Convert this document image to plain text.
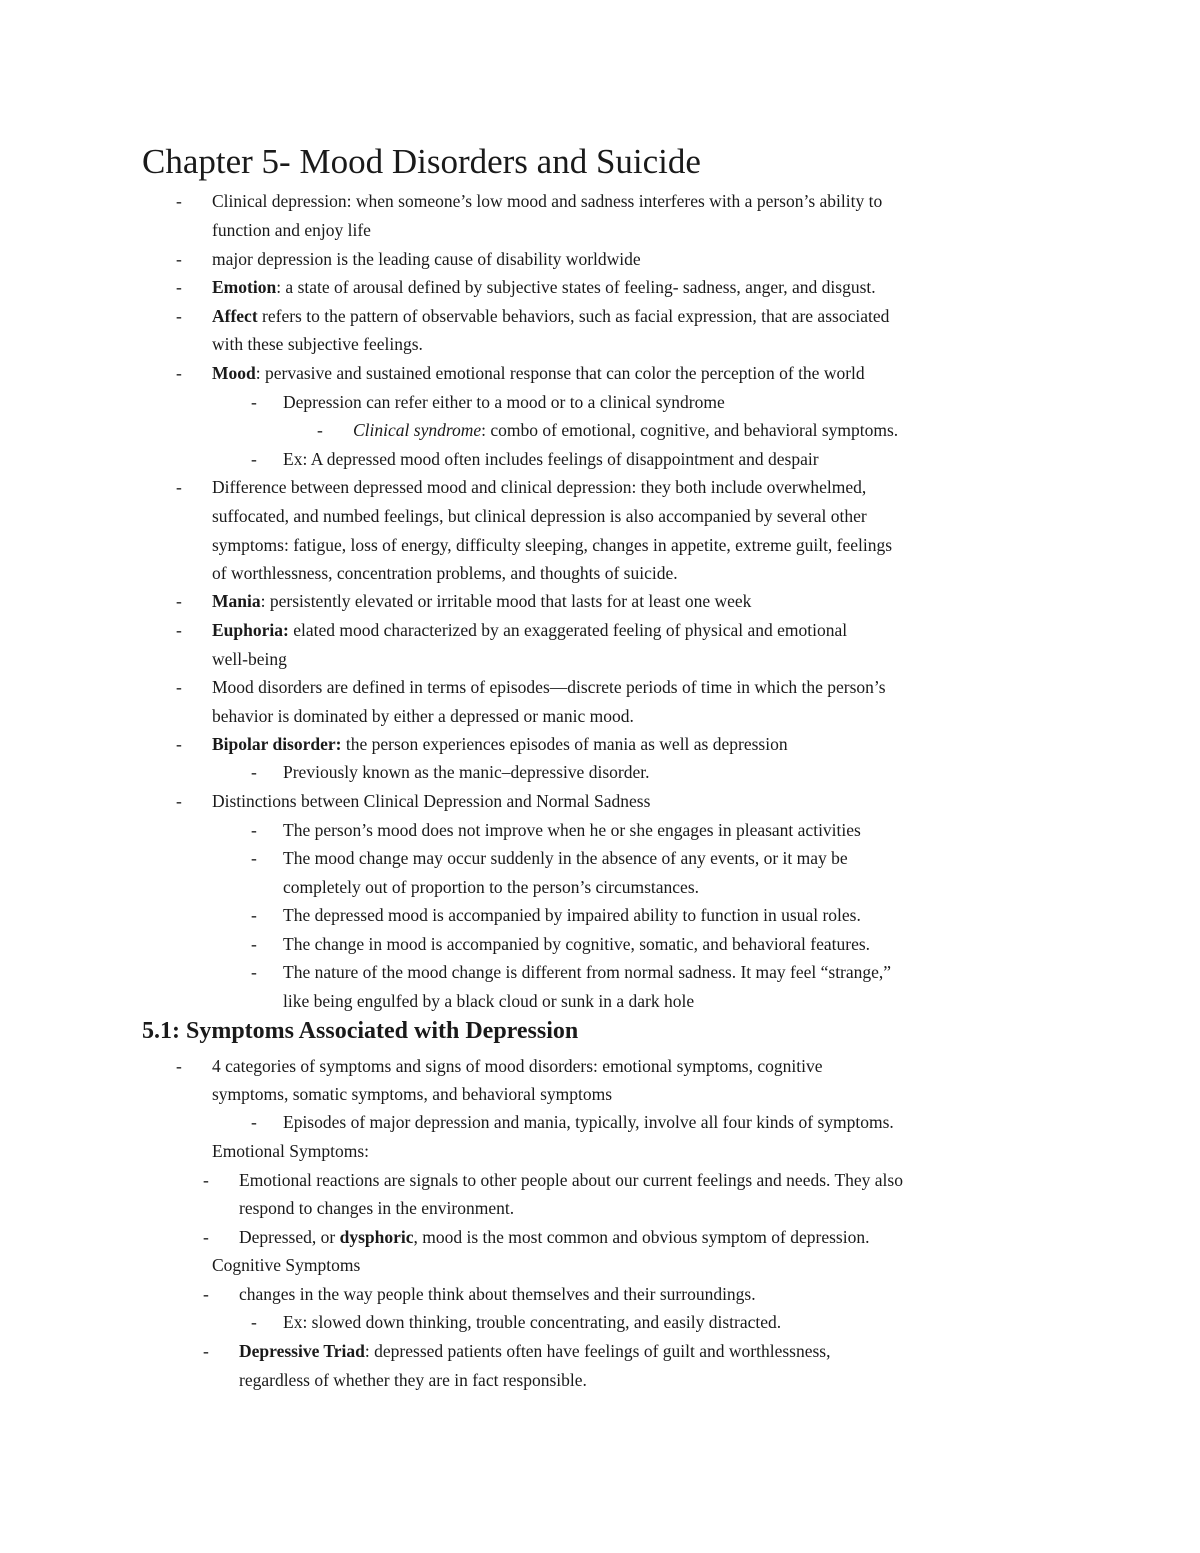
Chapter 5- Mood Disorders and Suicide
-	Clinical depression: when someone’s low mood and sadness interferes with a person’s ability to
function and enjoy life
-	major depression is the leading cause of disability worldwide
-	Emotion: a state of arousal defined by subjective states of feeling- sadness, anger, and disgust.
-	Affect refers to the pattern of observable behaviors, such as facial expression, that are associated
with these subjective feelings.
-	Mood: pervasive and sustained emotional response that can color the perception of the world
-	Depression can refer either to a mood or to a clinical syndrome
-	Clinical syndrome: combo of emotional, cognitive, and behavioral symptoms.
-	Ex: A depressed mood often includes feelings of disappointment and despair
-	Difference between depressed mood and clinical depression: they both include overwhelmed,
suffocated, and numbed feelings, but clinical depression is also accompanied by several other
symptoms: fatigue, loss of energy, difficulty sleeping, changes in appetite, extreme guilt, feelings
of worthlessness, concentration problems, and thoughts of suicide.
-	Mania: persistently elevated or irritable mood that lasts for at least one week
-	Euphoria: elated mood characterized by an exaggerated feeling of physical and emotional
well-being
-	Mood disorders are defined in terms of episodes—discrete periods of time in which the person’s
behavior is dominated by either a depressed or manic mood.
-	Bipolar disorder: the person experiences episodes of mania as well as depression
-	Previously known as the manic–depressive disorder.
-	Distinctions between Clinical Depression and Normal Sadness
-	The person’s mood does not improve when he or she engages in pleasant activities
-	The mood change may occur suddenly in the absence of any events, or it may be
completely out of proportion to the person’s circumstances.
-	The depressed mood is accompanied by impaired ability to function in usual roles.
-	The change in mood is accompanied by cognitive, somatic, and behavioral features.
-	The nature of the mood change is different from normal sadness. It may feel “strange,”
like being engulfed by a black cloud or sunk in a dark hole
5.1: Symptoms Associated with Depression
-	4 categories of symptoms and signs of mood disorders: emotional symptoms, cognitive
symptoms, somatic symptoms, and behavioral symptoms
-	Episodes of major depression and mania, typically, involve all four kinds of symptoms.
Emotional Symptoms:
-	Emotional reactions are signals to other people about our current feelings and needs. They also
respond to changes in the environment.
-	Depressed, or dysphoric, mood is the most common and obvious symptom of depression.
Cognitive Symptoms
-	changes in the way people think about themselves and their surroundings.
-	Ex: slowed down thinking, trouble concentrating, and easily distracted.
-	Depressive Triad: depressed patients often have feelings of guilt and worthlessness,
regardless of whether they are in fact responsible.
